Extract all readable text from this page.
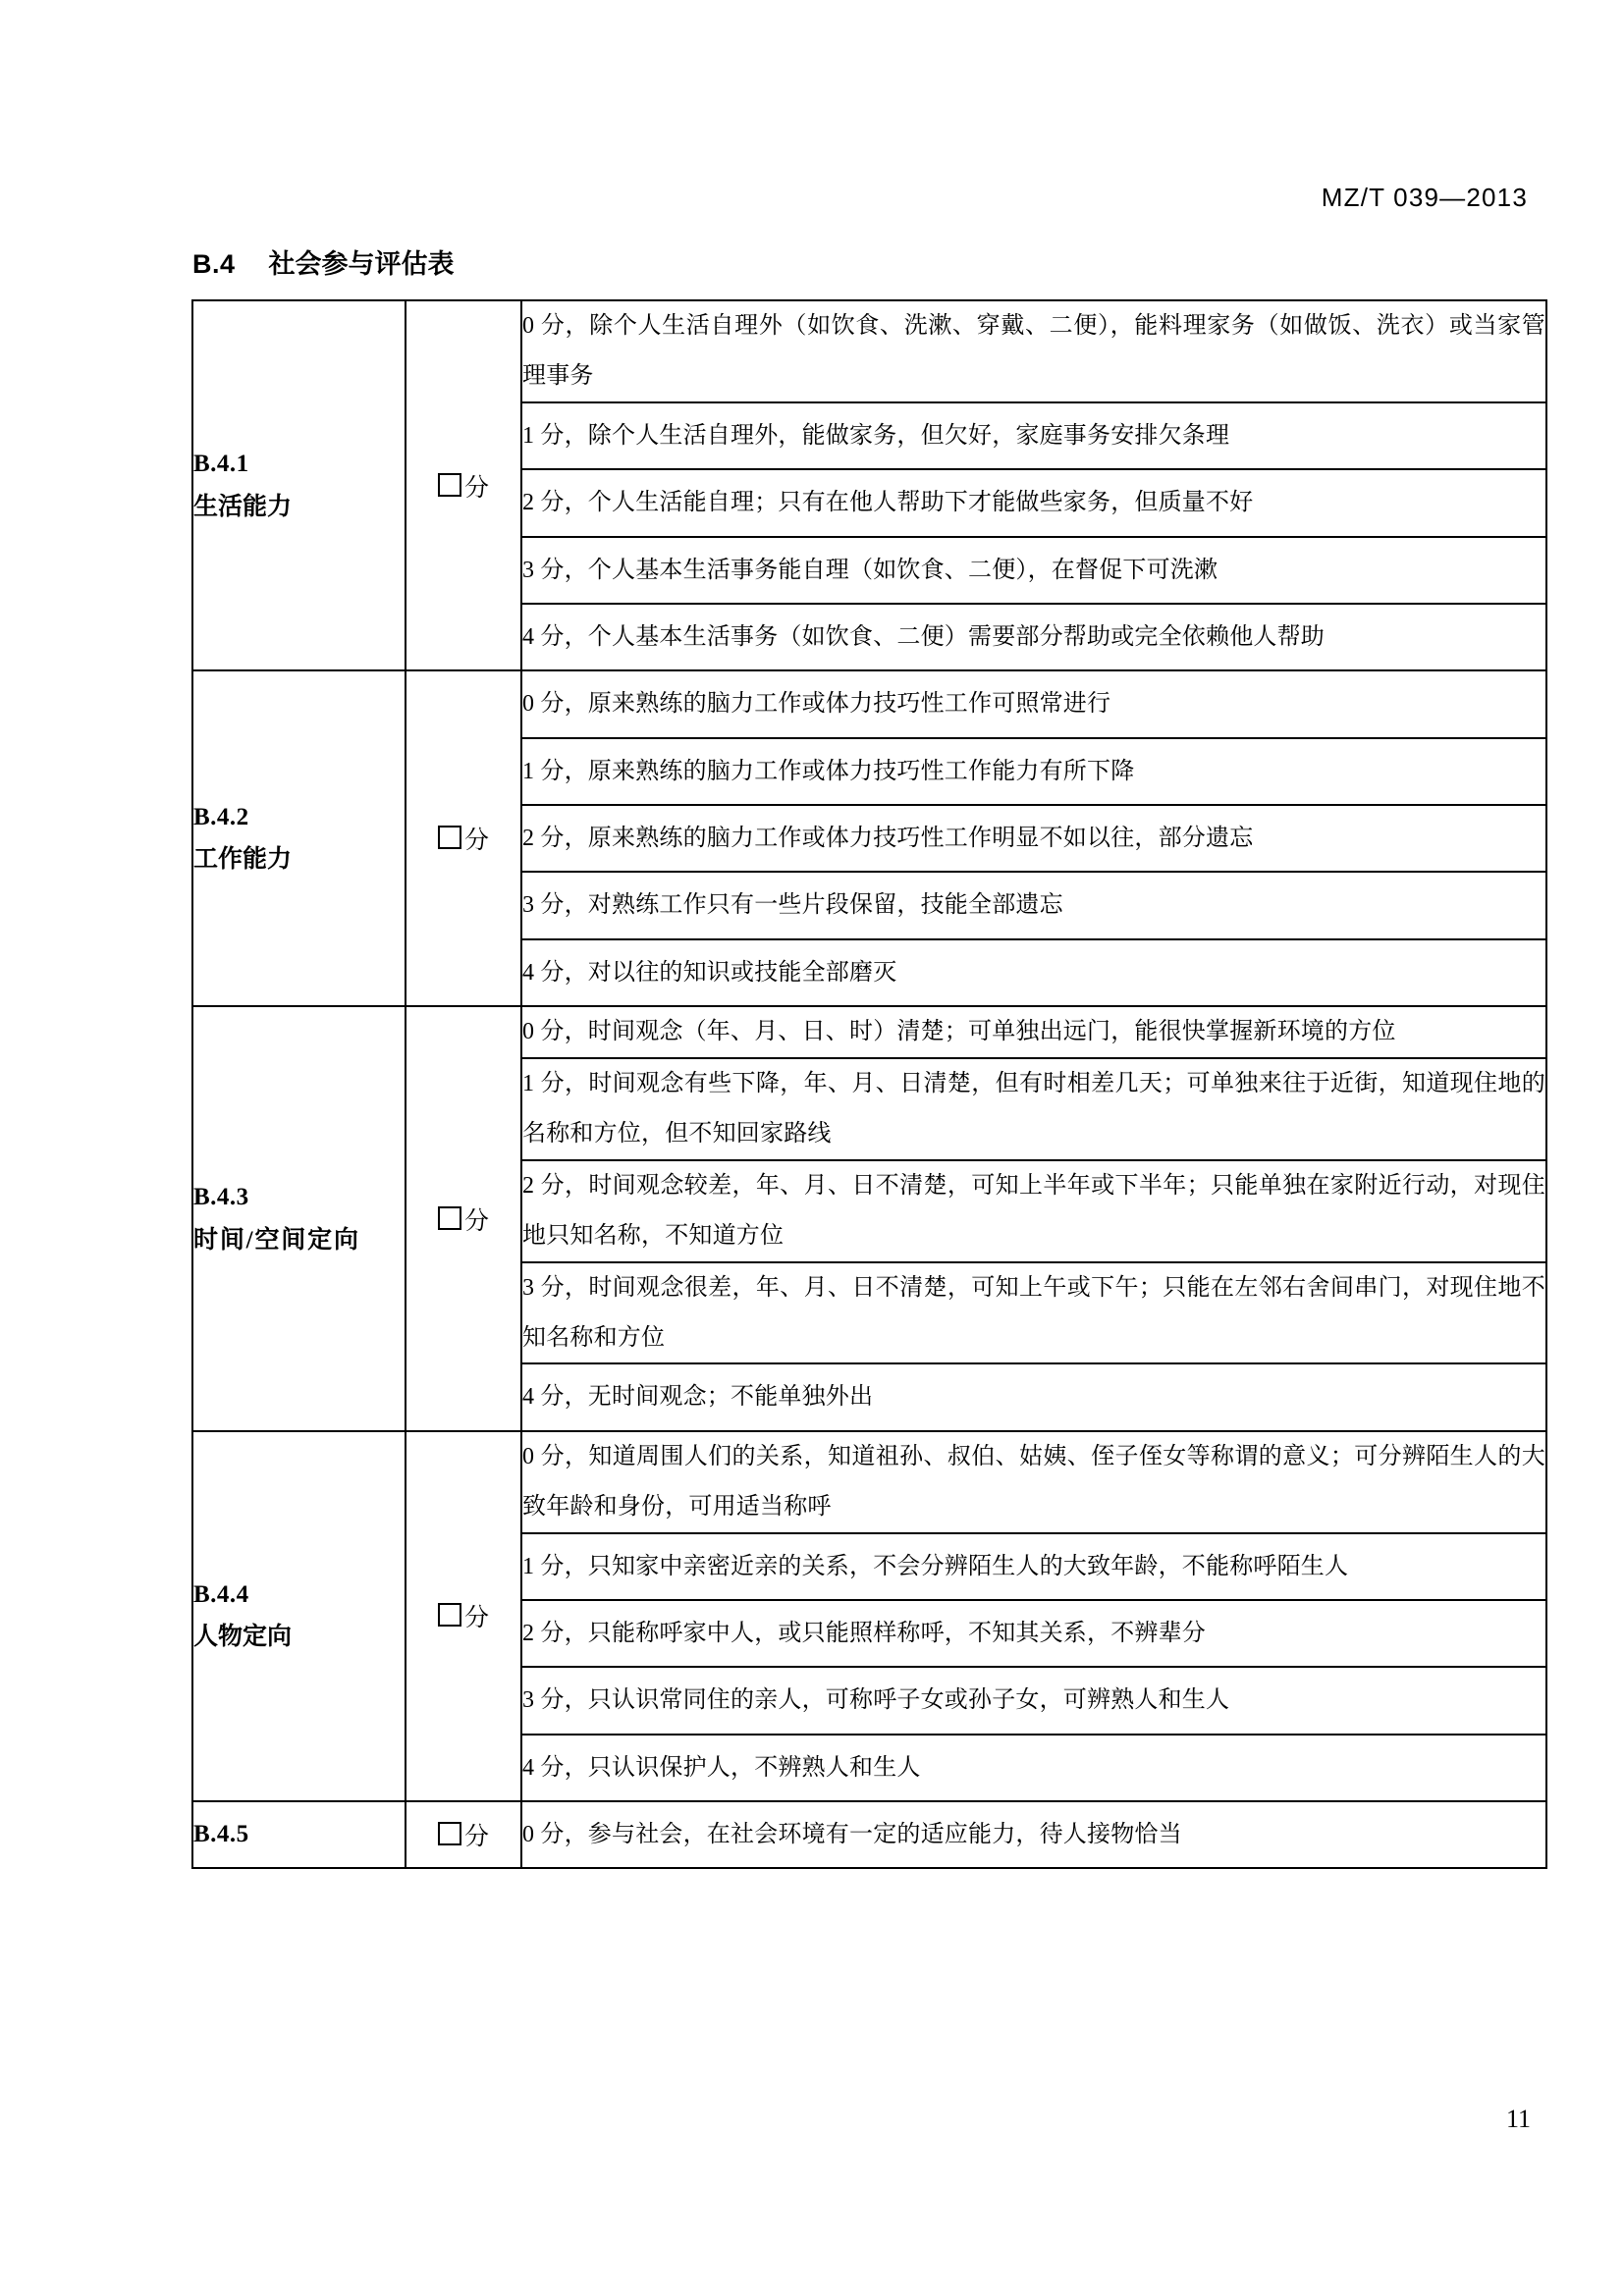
MZ/T 039—2013
B.4 社会参与评估表
B.4.1
生活能力	分	0 分，除个人生活自理外（如饮食、洗漱、穿戴、二便），能料理家务（如做饭、洗衣）或当家管理事务
		1 分，除个人生活自理外，能做家务，但欠好，家庭事务安排欠条理
		2 分，个人生活能自理；只有在他人帮助下才能做些家务，但质量不好
		3 分，个人基本生活事务能自理（如饮食、二便），在督促下可洗漱
		4 分，个人基本生活事务（如饮食、二便）需要部分帮助或完全依赖他人帮助

B.4.2
工作能力	分	0 分，原来熟练的脑力工作或体力技巧性工作可照常进行
		1 分，原来熟练的脑力工作或体力技巧性工作能力有所下降
		2 分，原来熟练的脑力工作或体力技巧性工作明显不如以往，部分遗忘
		3 分，对熟练工作只有一些片段保留，技能全部遗忘
		4 分，对以往的知识或技能全部磨灭

B.4.3
时间/空间定向	分	0 分，时间观念（年、月、日、时）清楚；可单独出远门，能很快掌握新环境的方位
		1 分，时间观念有些下降，年、月、日清楚，但有时相差几天；可单独来往于近街，知道现住地的名称和方位，但不知回家路线
		2 分，时间观念较差，年、月、日不清楚，可知上半年或下半年；只能单独在家附近行动，对现住地只知名称，不知道方位
		3 分，时间观念很差，年、月、日不清楚，可知上午或下午；只能在左邻右舍间串门，对现住地不知名称和方位
		4 分，无时间观念；不能单独外出

B.4.4
人物定向	分	0 分，知道周围人们的关系，知道祖孙、叔伯、姑姨、侄子侄女等称谓的意义；可分辨陌生人的大致年龄和身份，可用适当称呼
		1 分，只知家中亲密近亲的关系，不会分辨陌生人的大致年龄，不能称呼陌生人
		2 分，只能称呼家中人，或只能照样称呼，不知其关系，不辨辈分
		3 分，只认识常同住的亲人，可称呼子女或孙子女，可辨熟人和生人
		4 分，只认识保护人，不辨熟人和生人

B.4.5	分	0 分，参与社会，在社会环境有一定的适应能力，待人接物恰当
11
